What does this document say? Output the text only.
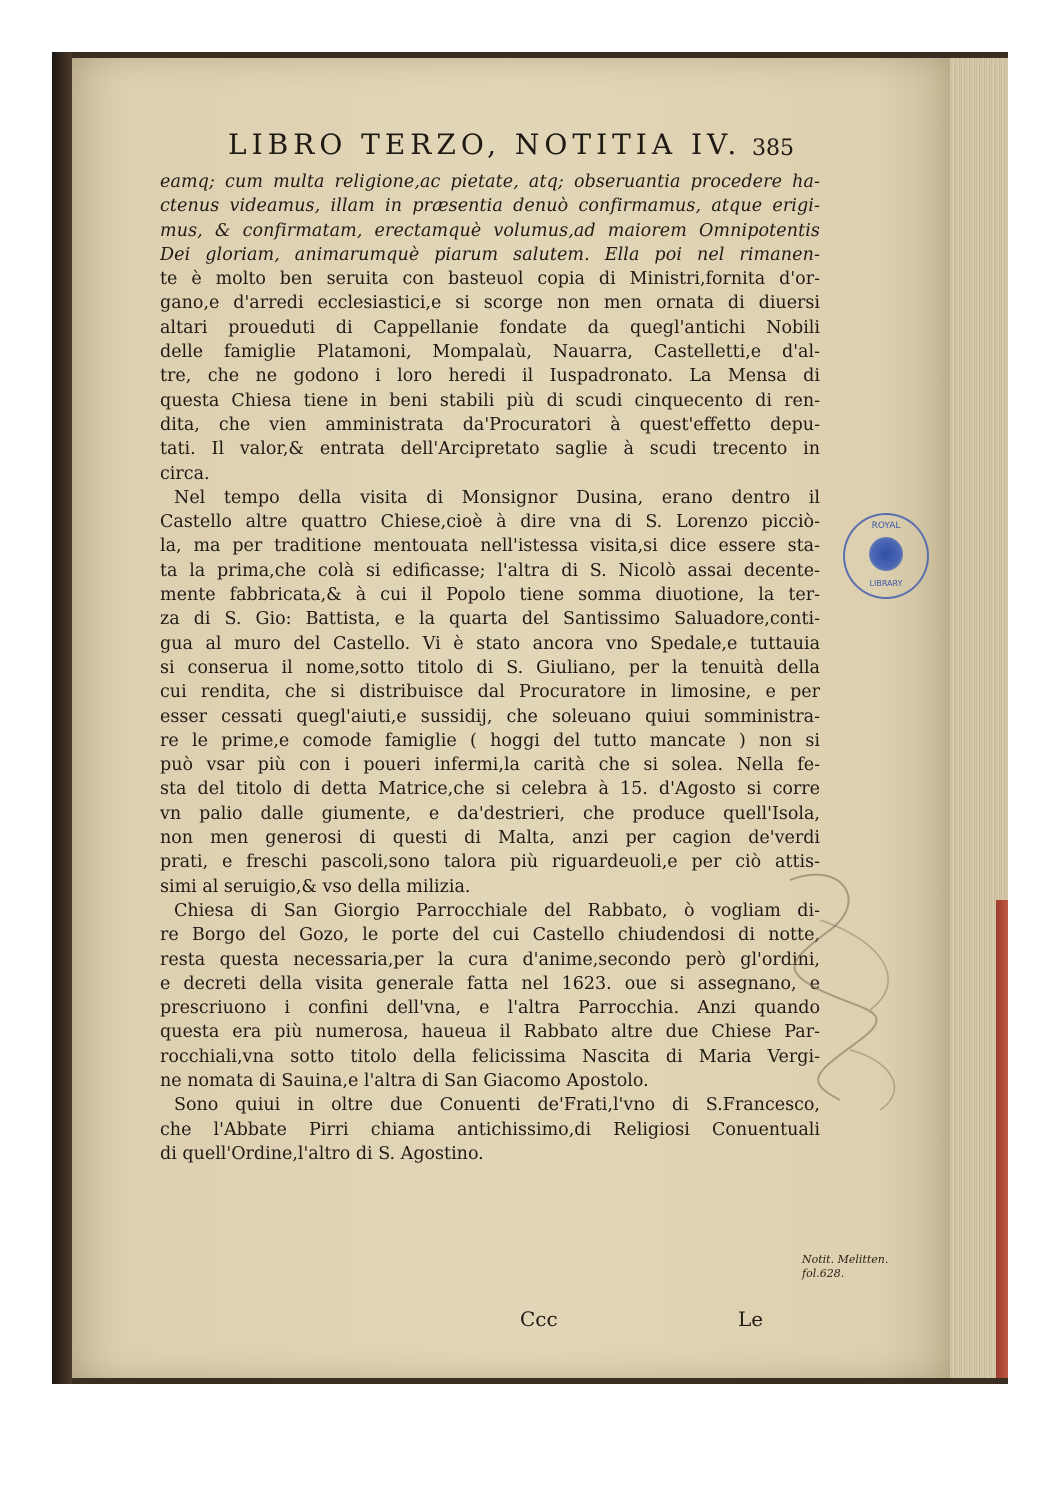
LIBRO TERZO, NOTITIA IV. 385
eamq; cum multa religione,ac pietate, atq; obseruantia procedere ha-
ctenus videamus, illam in præsentia denuò confirmamus, atque erigi-
mus, & confirmatam, erectamquè volumus,ad maiorem Omnipotentis
Dei gloriam, animarumquè piarum salutem. Ella poi nel rimanen-
te è molto ben seruita con basteuol copia di Ministri,fornita d'or-
gano,e d'arredi ecclesiastici,e si scorge non men ornata di diuersi
altari proueduti di Cappellanie fondate da quegl'antichi Nobili
delle famiglie Platamoni, Mompalaù, Nauarra, Castelletti,e d'al-
tre, che ne godono i loro heredi il Iuspadronato. La Mensa di
questa Chiesa tiene in beni stabili più di scudi cinquecento di ren-
dita, che vien amministrata da'Procuratori à quest'effetto depu-
tati. Il valor,& entrata dell'Arcipretato saglie à scudi trecento in
circa.
Nel tempo della visita di Monsignor Dusina, erano dentro il
Castello altre quattro Chiese,cioè à dire vna di S. Lorenzo picciò-
la, ma per traditione mentouata nell'istessa visita,si dice essere sta-
ta la prima,che colà si edificasse; l'altra di S. Nicolò assai decente-
mente fabbricata,& à cui il Popolo tiene somma diuotione, la ter-
za di S. Gio: Battista, e la quarta del Santissimo Saluadore,conti-
gua al muro del Castello. Vi è stato ancora vno Spedale,e tuttauia
si conserua il nome,sotto titolo di S. Giuliano, per la tenuità della
cui rendita, che si distribuisce dal Procuratore in limosine, e per
esser cessati quegl'aiuti,e sussidij, che soleuano quiui somministra-
re le prime,e comode famiglie ( hoggi del tutto mancate ) non si
può vsar più con i poueri infermi,la carità che si solea. Nella fe-
sta del titolo di detta Matrice,che si celebra à 15. d'Agosto si corre
vn palio dalle giumente, e da'destrieri, che produce quell'Isola,
non men generosi di questi di Malta, anzi per cagion de'verdi
prati, e freschi pascoli,sono talora più riguardeuoli,e per ciò attis-
simi al seruigio,& vso della milizia.
Chiesa di San Giorgio Parrocchiale del Rabbato, ò vogliam di-
re Borgo del Gozo, le porte del cui Castello chiudendosi di notte,
resta questa necessaria,per la cura d'anime,secondo però gl'ordini,
e decreti della visita generale fatta nel 1623. oue si assegnano, e
prescriuono i confini dell'vna, e l'altra Parrocchia. Anzi quando
questa era più numerosa, haueua il Rabbato altre due Chiese Par-
rocchiali,vna sotto titolo della felicissima Nascita di Maria Vergi-
ne nomata di Sauina,e l'altra di San Giacomo Apostolo.
Sono quiui in oltre due Conuenti de'Frati,l'vno di S.Francesco,
che l'Abbate Pirri chiama antichissimo,di Religiosi Conuentuali
di quell'Ordine,l'altro di S. Agostino.
Notit. Melitten. fol.628.
ROYAL
LIBRARY
Ccc	Le
